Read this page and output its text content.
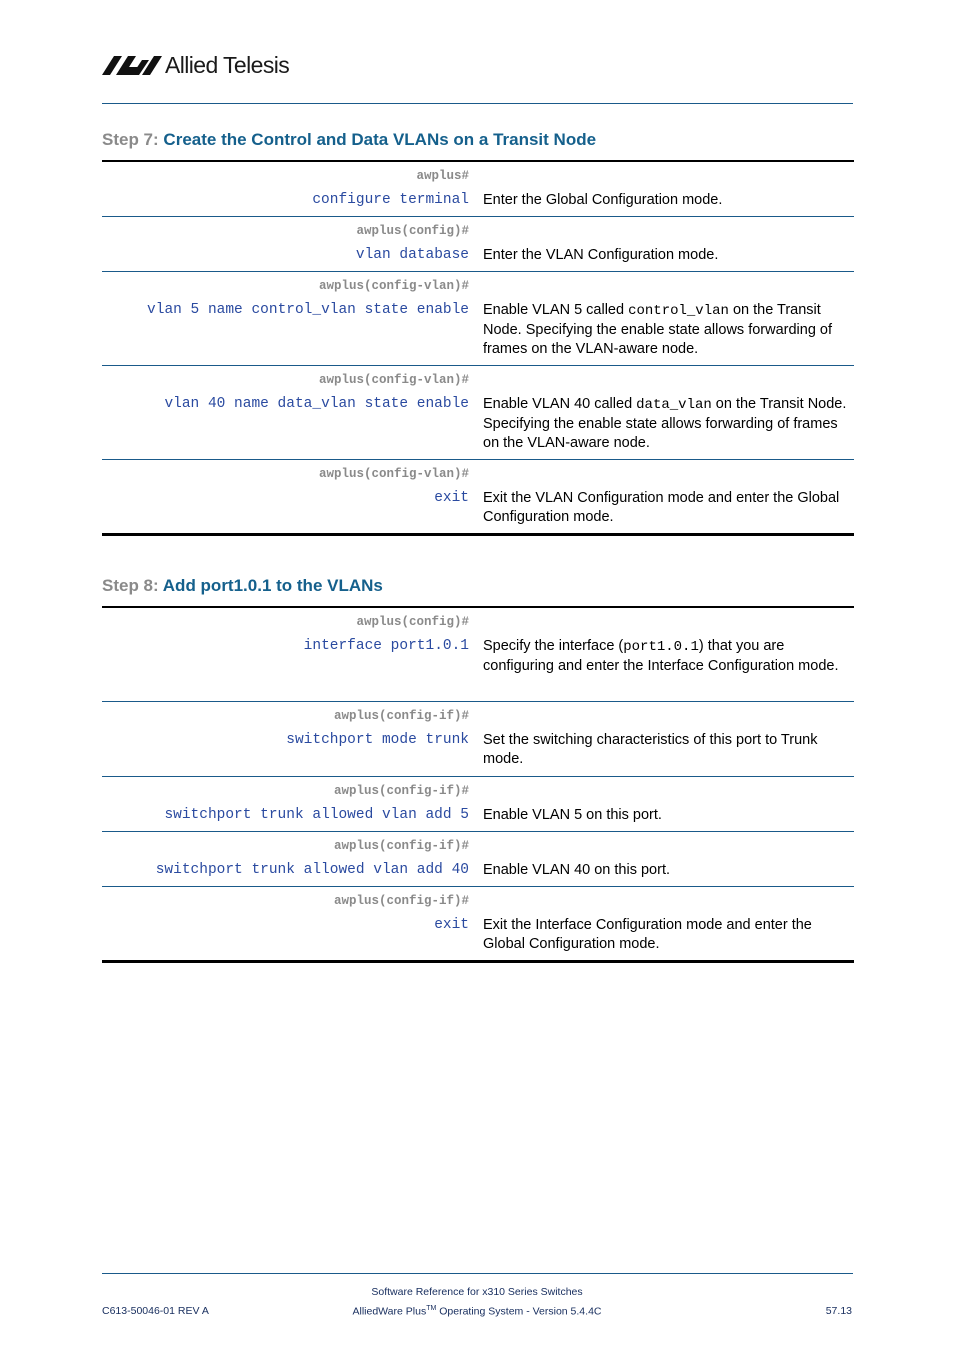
Allied Telesis
Step 7: Create the Control and Data VLANs on a Transit Node
awplus#
configure terminal	Enter the Global Configuration mode.

awplus(config)#
vlan database	Enter the VLAN Configuration mode.

awplus(config-vlan)#
vlan 5 name control_vlan state enable	Enable VLAN 5 called control_vlan on the Transit Node. Specifying the enable state allows forwarding of frames on the VLAN-aware node.

awplus(config-vlan)#
vlan 40 name data_vlan state enable	Enable VLAN 40 called data_vlan on the Transit Node. Specifying the enable state allows forwarding of frames on the VLAN-aware node.

awplus(config-vlan)#
exit	Exit the VLAN Configuration mode and enter the Global Configuration mode.
Step 8: Add port1.0.1 to the VLANs
awplus(config)#
interface port1.0.1	Specify the interface (port1.0.1) that you are configuring and enter the Interface Configuration mode.

awplus(config-if)#
switchport mode trunk	Set the switching characteristics of this port to Trunk mode.

awplus(config-if)#
switchport trunk allowed vlan add 5	Enable VLAN 5 on this port.

awplus(config-if)#
switchport trunk allowed vlan add 40	Enable VLAN 40 on this port.

awplus(config-if)#
exit	Exit the Interface Configuration mode and enter the Global Configuration mode.
Software Reference for x310 Series Switches
AlliedWare Plus™ Operating System - Version 5.4.4C
C613-50046-01 REV A	57.13
